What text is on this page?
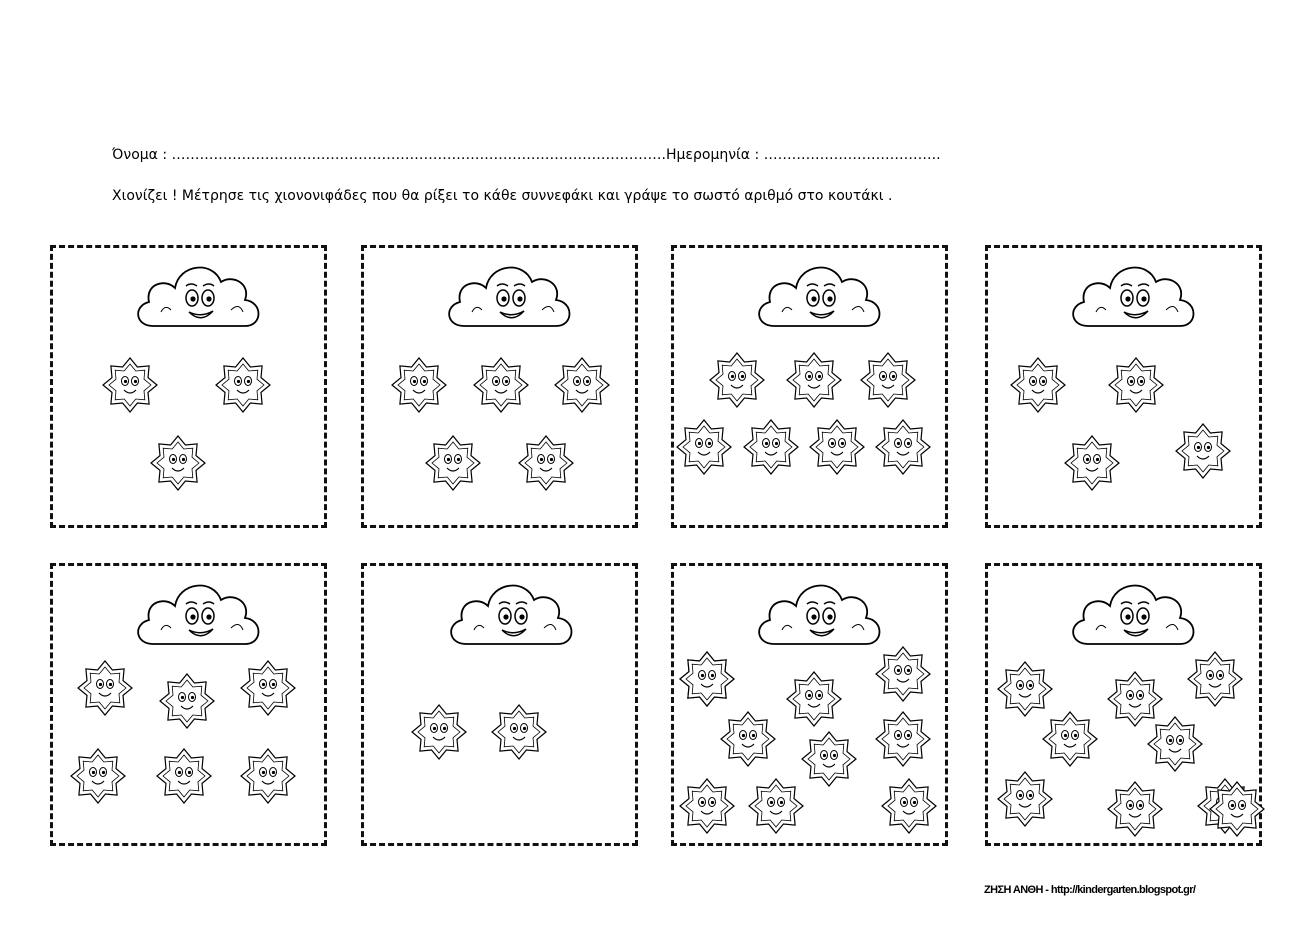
Όνομα : …………………………………………………………………………………………….Ημερομηνία : ………………………………..
Χιονίζει ! Μέτρησε τις χιονονιφάδες που θα ρίξει το κάθε συννεφάκι και γράψε το σωστό αριθμό στο κουτάκι .
ΖΗΣΗ ΑΝΘΗ - http://kindergarten.blogspot.gr/
